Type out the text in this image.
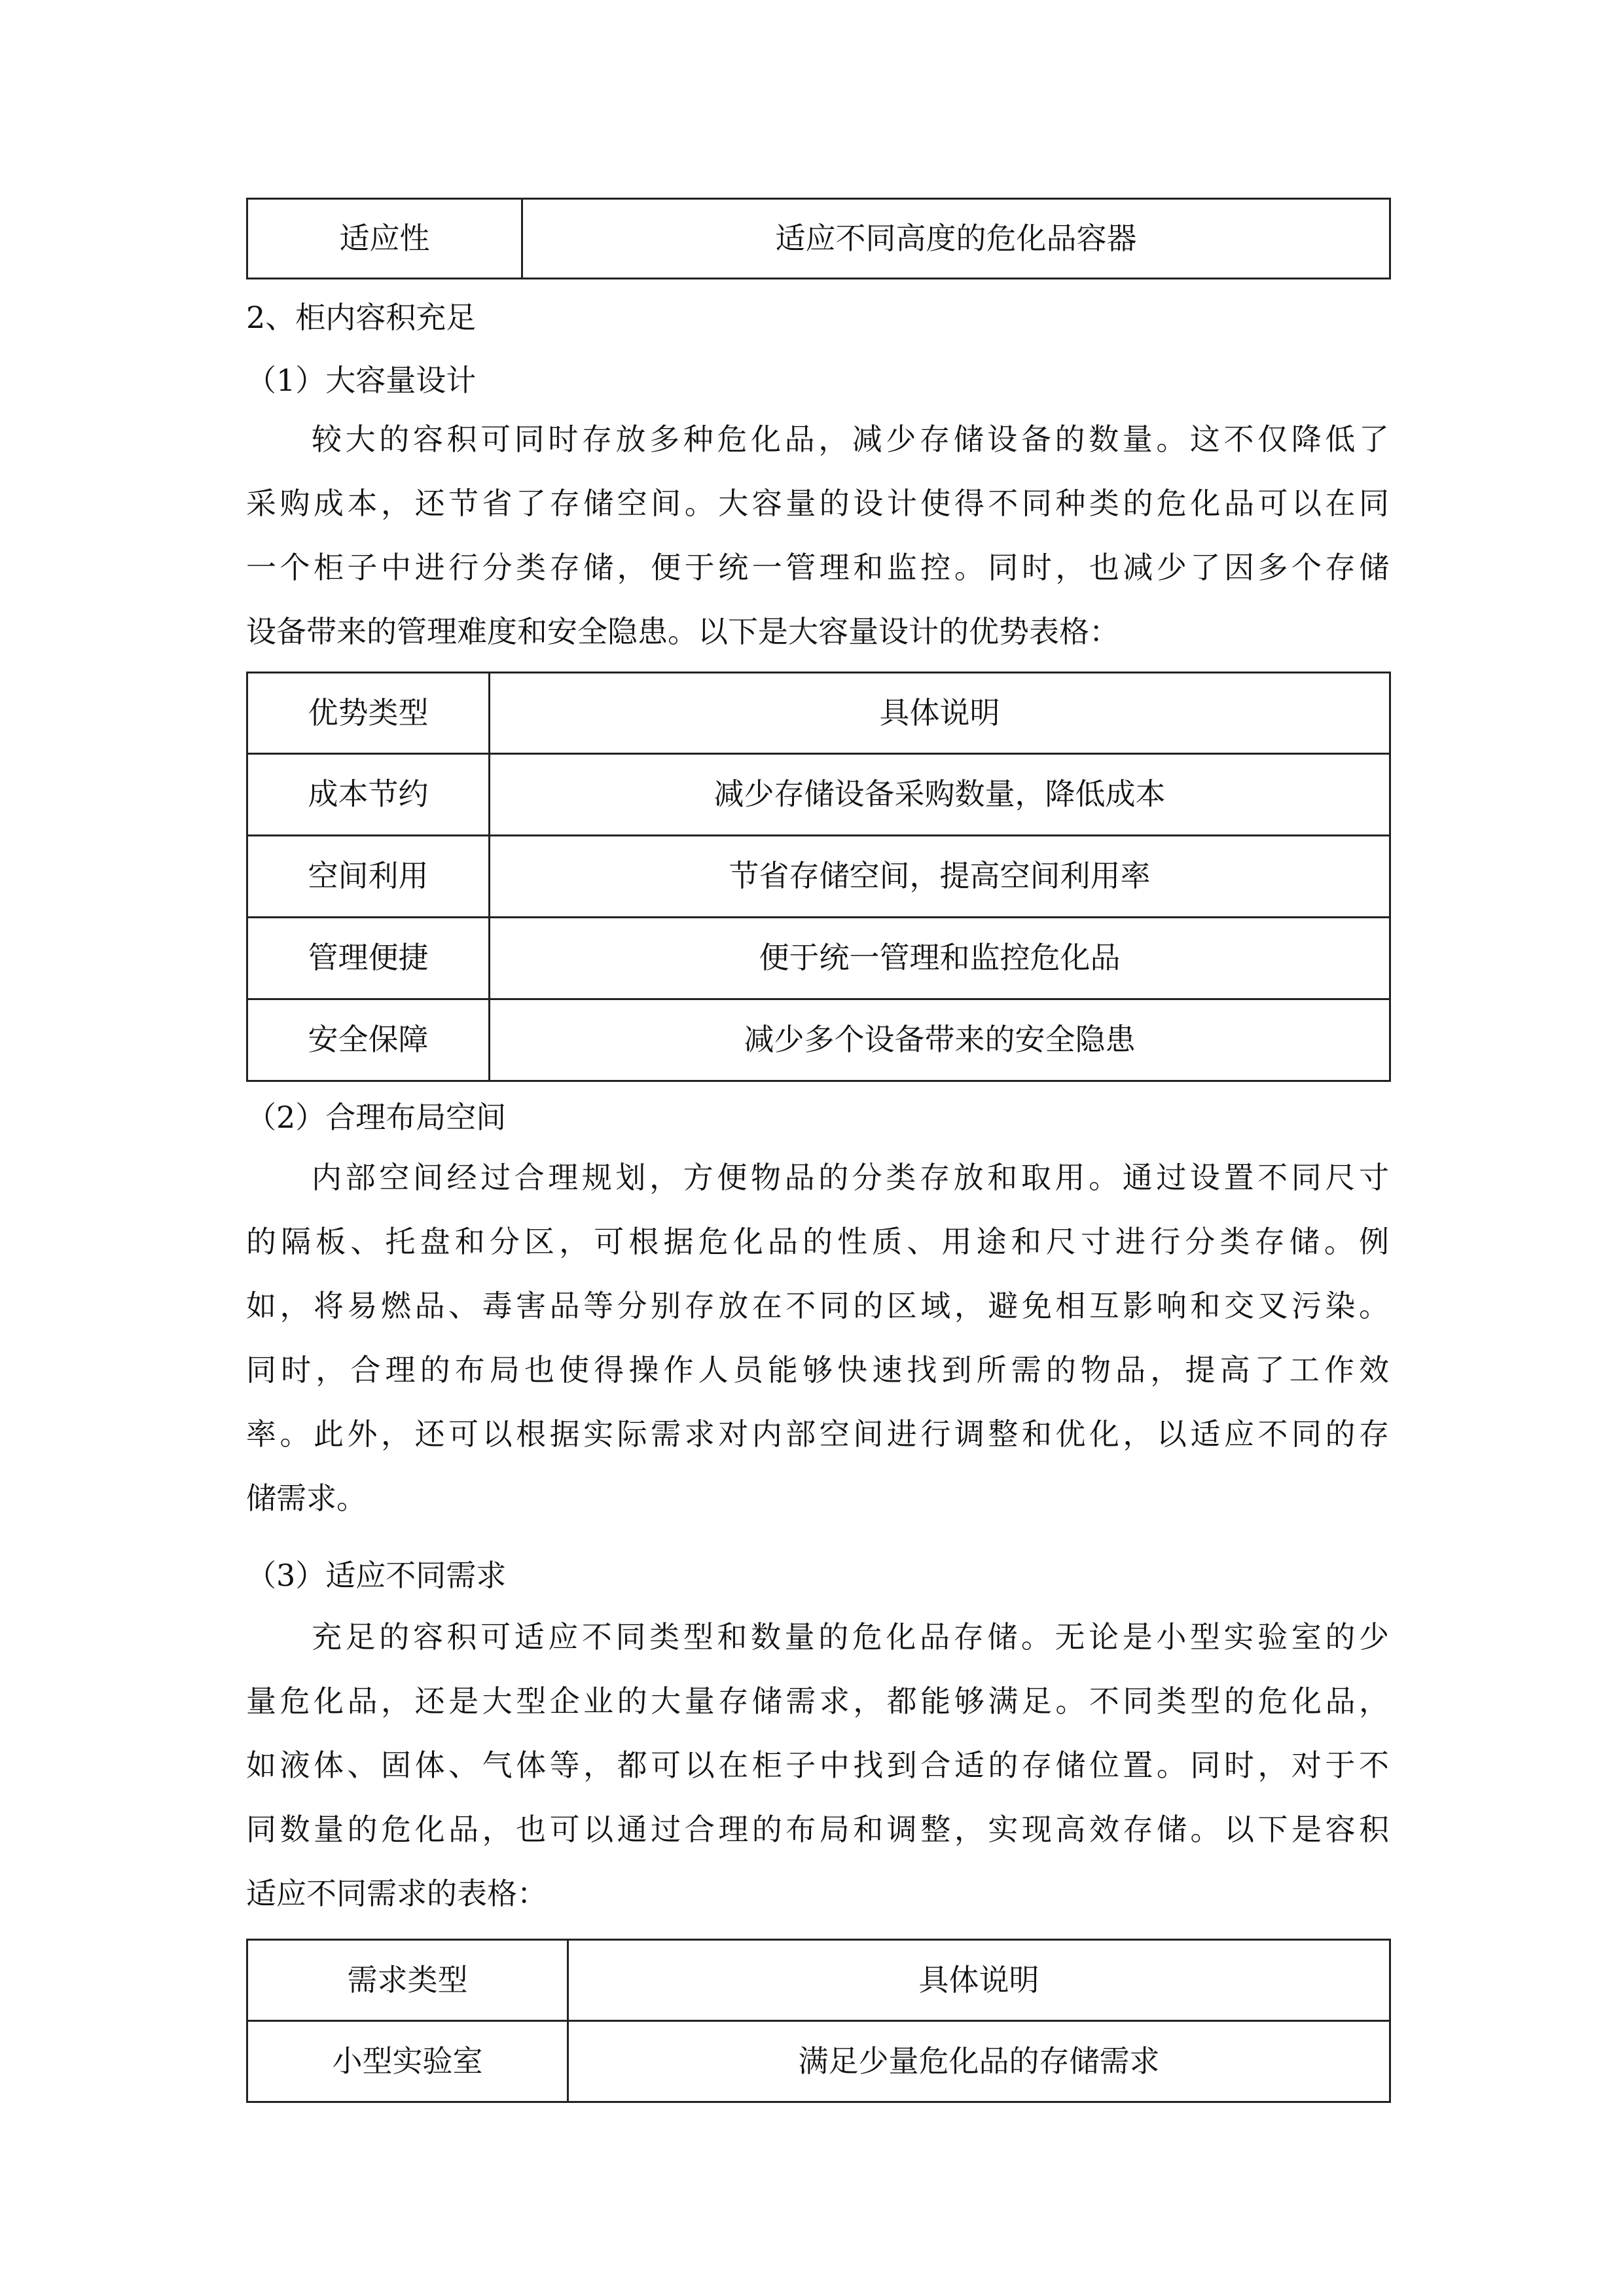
适应性	适应不同高度的危化品容器
2、柜内容积充足
（1）大容量设计
较大的容积可同时存放多种危化品，减少存储设备的数量。这不仅降低了
采购成本，还节省了存储空间。大容量的设计使得不同种类的危化品可以在同
一个柜子中进行分类存储，便于统一管理和监控。同时，也减少了因多个存储
设备带来的管理难度和安全隐患。以下是大容量设计的优势表格：
优势类型	具体说明
成本节约	减少存储设备采购数量，降低成本
空间利用	节省存储空间，提高空间利用率
管理便捷	便于统一管理和监控危化品
安全保障	减少多个设备带来的安全隐患
（2）合理布局空间
内部空间经过合理规划，方便物品的分类存放和取用。通过设置不同尺寸
的隔板、托盘和分区，可根据危化品的性质、用途和尺寸进行分类存储。例
如，将易燃品、毒害品等分别存放在不同的区域，避免相互影响和交叉污染。
同时，合理的布局也使得操作人员能够快速找到所需的物品，提高了工作效
率。此外，还可以根据实际需求对内部空间进行调整和优化，以适应不同的存
储需求。
（3）适应不同需求
充足的容积可适应不同类型和数量的危化品存储。无论是小型实验室的少
量危化品，还是大型企业的大量存储需求，都能够满足。不同类型的危化品，
如液体、固体、气体等，都可以在柜子中找到合适的存储位置。同时，对于不
同数量的危化品，也可以通过合理的布局和调整，实现高效存储。以下是容积
适应不同需求的表格：
需求类型	具体说明
小型实验室	满足少量危化品的存储需求
